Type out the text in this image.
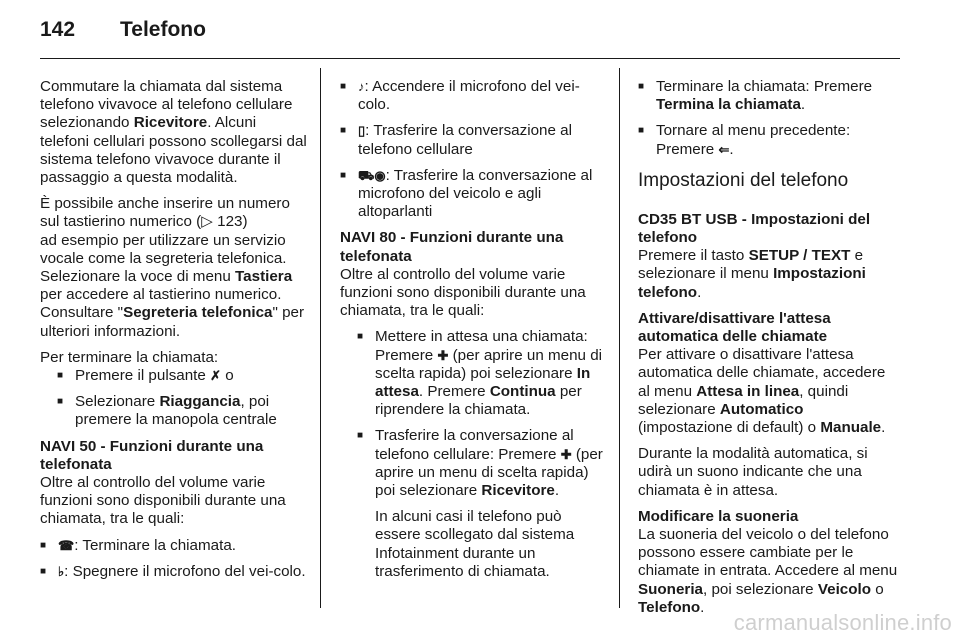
142	Telefono

Commutare la chiamata dal sistema telefono vivavoce al telefono cellulare selezionando Ricevitore. Alcuni telefoni cellulari possono scollegarsi dal sistema telefono vivavoce durante il passaggio a questa modalità.

È possibile anche inserire un numero sul tastierino numerico (▷ 123)

ad esempio per utilizzare un servizio vocale come la segreteria telefonica. Selezionare la voce di menu Tastiera per accedere al tastierino numerico. Consultare "Segreteria telefonica" per ulteriori informazioni.

Per terminare la chiamata:

■ Premere il pulsante ✗ o
■ Selezionare Riaggancia, poi premere la manopola centrale

NAVI 50 - Funzioni durante una telefonata

Oltre al controllo del volume varie funzioni sono disponibili durante una chiamata, tra le quali:

■ ☎: Terminare la chiamata.
■ ♭: Spegnere il microfono del vei-colo.
■ ♪: Accendere il microfono del vei-colo.
■ ▯: Trasferire la conversazione al telefono cellulare
■ ⛟◉: Trasferire la conversazione al microfono del veicolo e agli altoparlanti

NAVI 80 - Funzioni durante una telefonata

Oltre al controllo del volume varie funzioni sono disponibili durante una chiamata, tra le quali:

■ Mettere in attesa una chiamata: Premere ✚ (per aprire un menu di scelta rapida) poi selezionare In attesa. Premere Continua per riprendere la chiamata.
■ Trasferire la conversazione al telefono cellulare: Premere ✚ (per aprire un menu di scelta rapida) poi selezionare Ricevitore.

In alcuni casi il telefono può essere scollegato dal sistema Infotainment durante un trasferimento di chiamata.

■ Terminare la chiamata: Premere Termina la chiamata.
■ Tornare al menu precedente: Premere ⇐.
Impostazioni del telefono

CD35 BT USB - Impostazioni del telefono

Premere il tasto SETUP / TEXT e selezionare il menu Impostazioni telefono.

Attivare/disattivare l'attesa automatica delle chiamate

Per attivare o disattivare l'attesa automatica delle chiamate, accedere al menu Attesa in linea, quindi selezionare Automatico (impostazione di default) o Manuale.

Durante la modalità automatica, si udirà un suono indicante che una chiamata è in attesa.

Modificare la suoneria

La suoneria del veicolo o del telefono possono essere cambiate per le chiamate in entrata. Accedere al menu Suoneria, poi selezionare Veicolo o Telefono.

carmanualsonline.info
